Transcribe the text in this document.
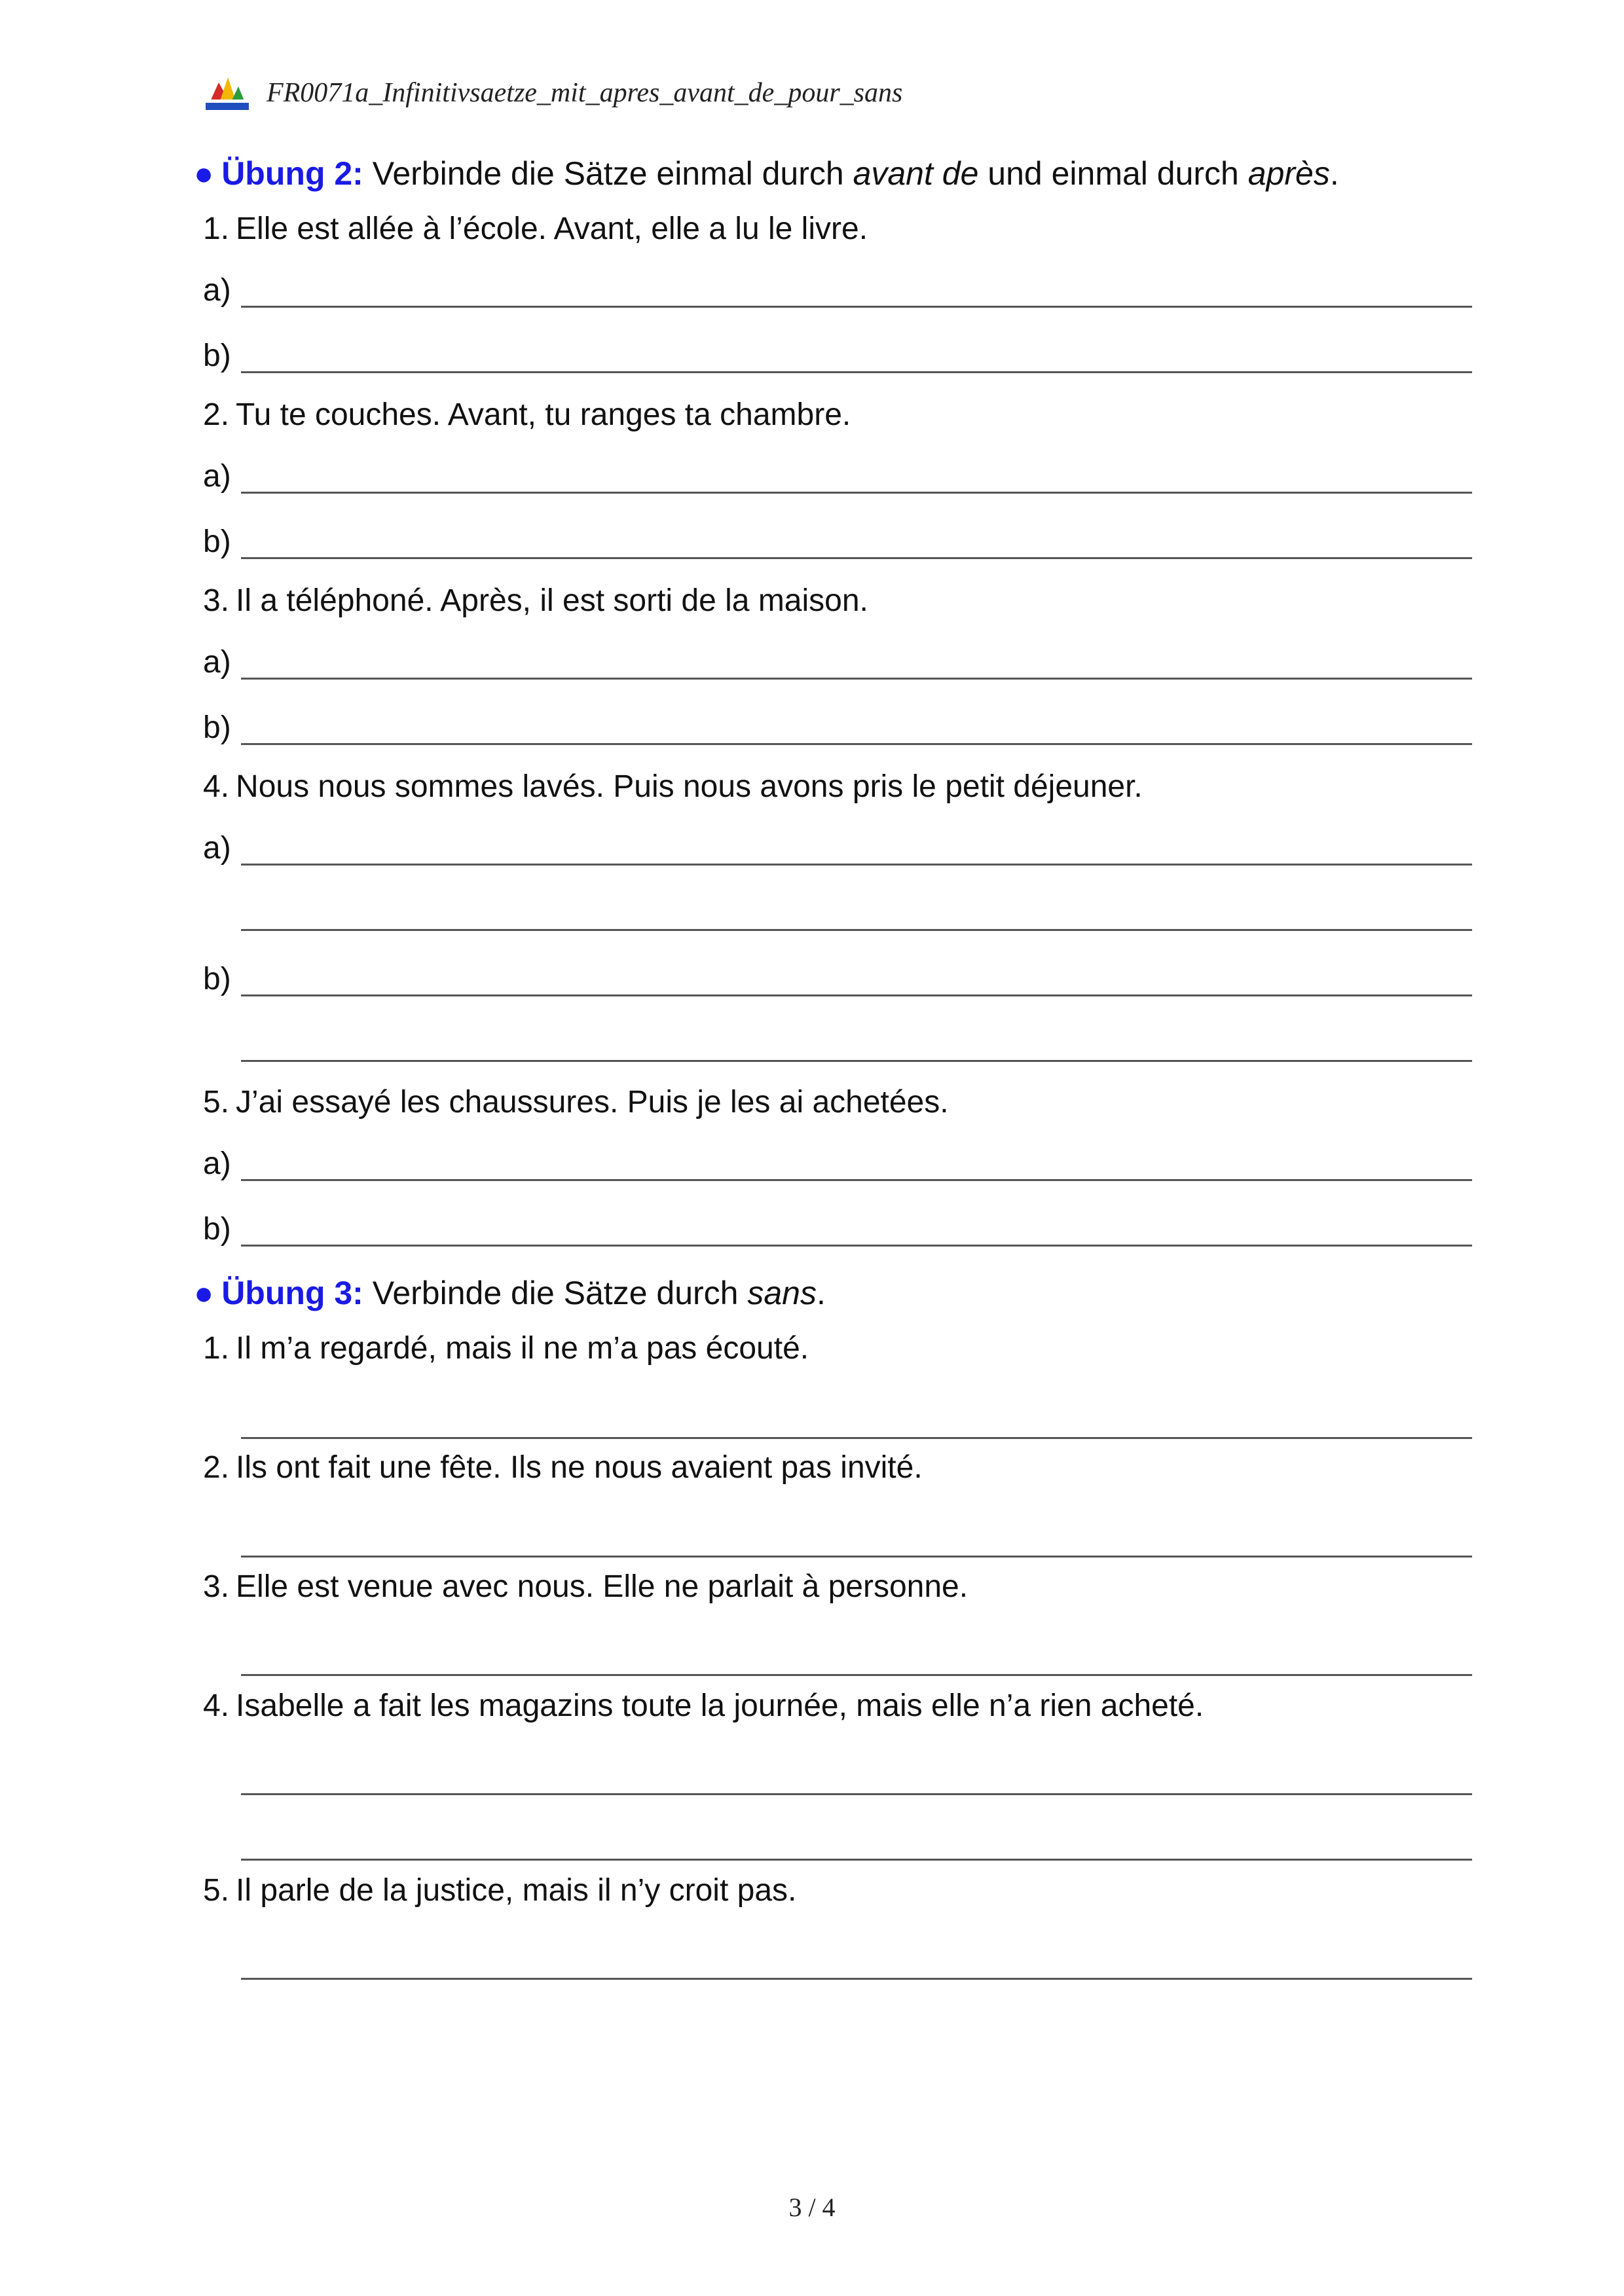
FR0071a_Infinitivsaetze_mit_apres_avant_de_pour_sans
● Übung 2: Verbinde die Sätze einmal durch avant de und einmal durch après.
1. Elle est allée à l’école. Avant, elle a lu le livre.
a)
b)
2. Tu te couches. Avant, tu ranges ta chambre.
a)
b)
3. Il a téléphoné. Après, il est sorti de la maison.
a)
b)
4. Nous nous sommes lavés. Puis nous avons pris le petit déjeuner.
a)
b)
5. J’ai essayé les chaussures. Puis je les ai achetées.
a)
b)
● Übung 3: Verbinde die Sätze durch sans.
1. Il m’a regardé, mais il ne m’a pas écouté.
2. Ils ont fait une fête. Ils ne nous avaient pas invité.
3. Elle est venue avec nous. Elle ne parlait à personne.
4. Isabelle a fait les magazins toute la journée, mais elle n’a rien acheté.
5. Il parle de la justice, mais il n’y croit pas.
3 / 4
